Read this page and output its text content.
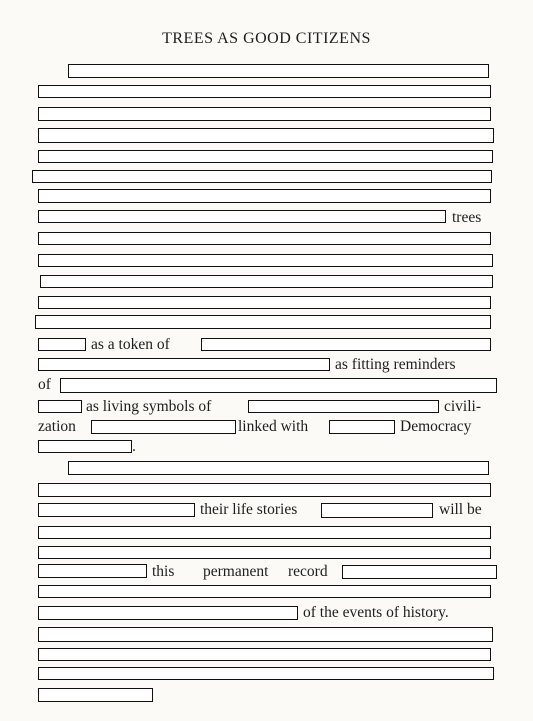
TREES AS GOOD CITIZENS
trees
as a token of
as fitting reminders
of
as living symbols of	civili-
zation	linked with	Democracy
.
their life stories	will be
this permanent record
of the events of history.
